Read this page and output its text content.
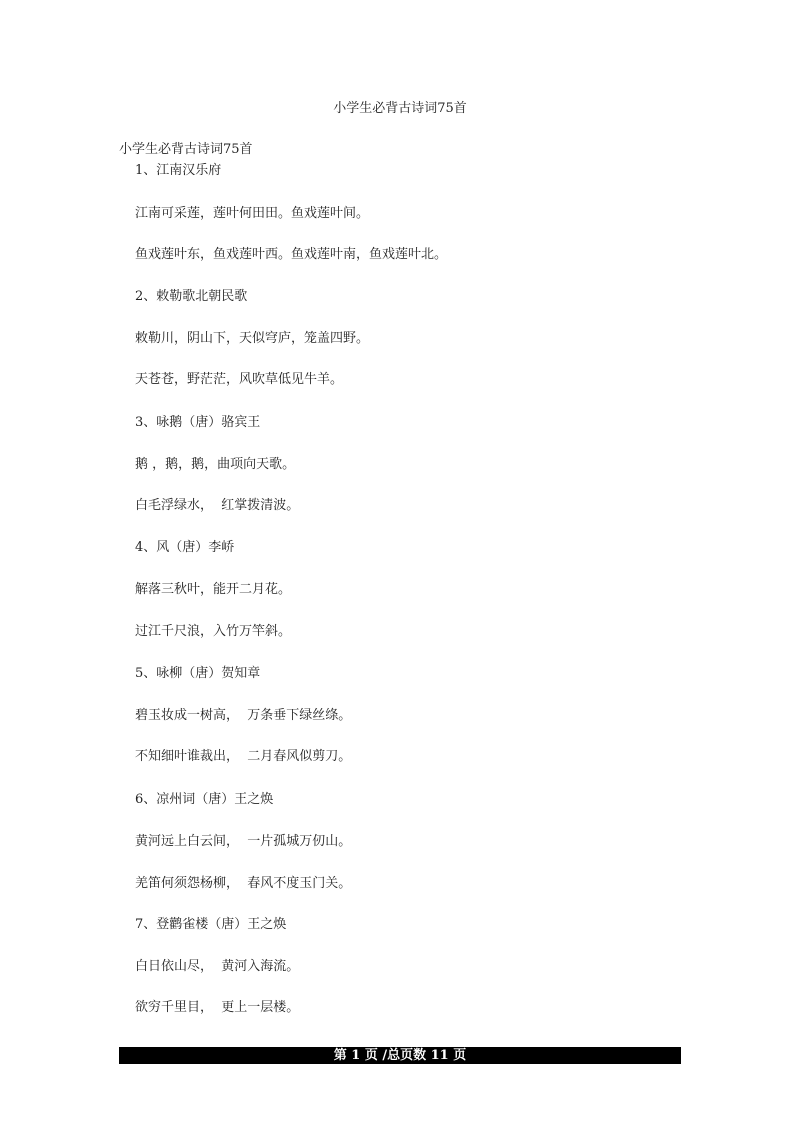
小学生必背古诗词75首
小学生必背古诗词75首
1、江南汉乐府
江南可采莲，莲叶何田田。鱼戏莲叶间。
鱼戏莲叶东，鱼戏莲叶西。鱼戏莲叶南，鱼戏莲叶北。
2、敕勒歌北朝民歌
敕勒川，阴山下，天似穹庐，笼盖四野。
天苍苍，野茫茫，风吹草低见牛羊。
3、咏鹅（唐）骆宾王
鹅 ，鹅，鹅，曲项向天歌。
白毛浮绿水，  红掌拨清波。
4、风（唐）李峤
解落三秋叶，能开二月花。
过江千尺浪，入竹万竿斜。
5、咏柳（唐）贺知章
碧玉妆成一树高，  万条垂下绿丝绦。
不知细叶谁裁出，  二月春风似剪刀。
6、凉州词（唐）王之焕
黄河远上白云间，  一片孤城万仞山。
羌笛何须怨杨柳，  春风不度玉门关。
7、登鹳雀楼（唐）王之焕
白日依山尽，  黄河入海流。
欲穷千里目，  更上一层楼。
第 1 页 /总页数 11 页
